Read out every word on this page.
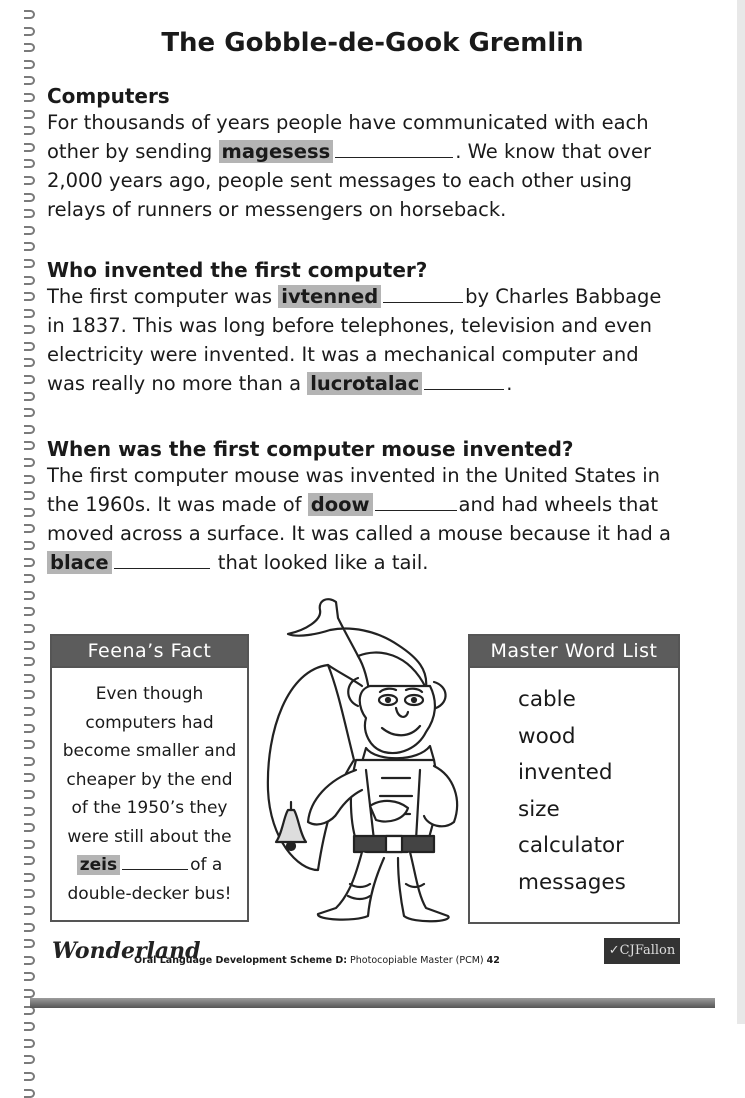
The Gobble-de-Gook Gremlin
Computers

For thousands of years people have communicated with each
other by sending magesess	. We know that over
2,000 years ago, people sent messages to each other using
relays of runners or messengers on horseback.

Who invented the first computer?

The first computer was ivtenned	by Charles Babbage
in 1837. This was long before telephones, television and even
electricity were invented. It was a mechanical computer and
was really no more than a lucrotalac	.

When was the first computer mouse invented?

The first computer mouse was invented in the United States in
the 1960s. It was made of doow	and had wheels that
moved across a surface. It was called a mouse because it had a
blace	that looked like a tail.

Feena’s Fact
Even though
computers had
become smaller and
cheaper by the end
of the 1950’s they
were still about the
zeis	of a
double-decker bus!
Master Word List
cable
wood
invented
size
calculator
messages
Wonderland
Oral Language Development Scheme D: Photocopiable Master (PCM) 42
✓CJFallon
